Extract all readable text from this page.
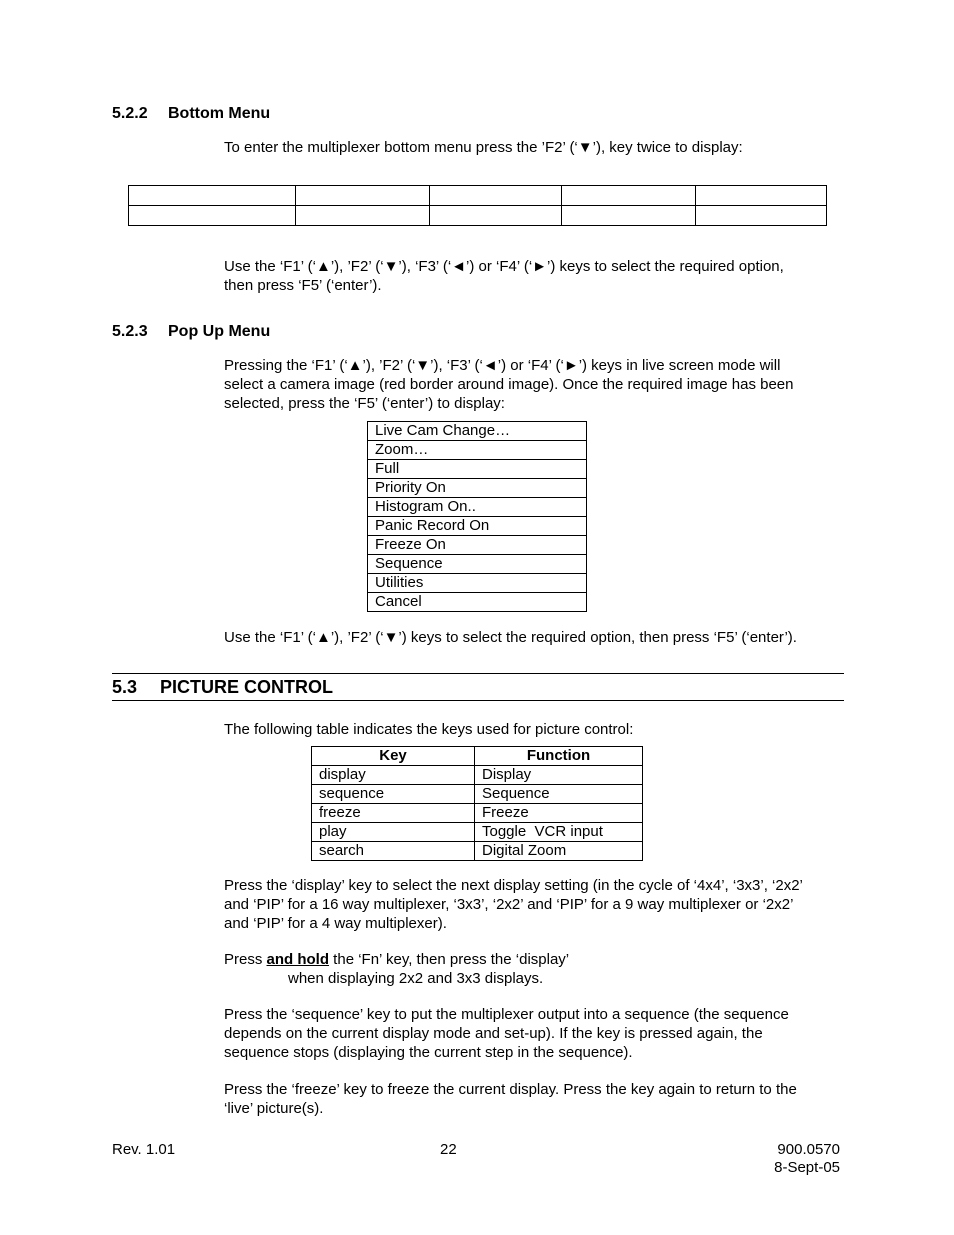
5.2.2 Bottom Menu
To enter the multiplexer bottom menu press the ’F2’ (‘▼’), key twice to display:

Use the ‘F1’ (‘▲’), ’F2’ (‘▼’), ‘F3’ (‘◄’) or ‘F4’ (‘►’) keys to select the required option,
then press ‘F5’ (‘enter’).
5.2.3 Pop Up Menu
Pressing the ‘F1’ (‘▲’), ’F2’ (‘▼’), ‘F3’ (‘◄’) or ‘F4’ (‘►’) keys in live screen mode will
select a camera image (red border around image). Once the required image has been
selected, press the ‘F5’ (‘enter’) to display:
Live Cam Change…
Zoom…
Full
Priority On
Histogram On..
Panic Record On
Freeze On
Sequence
Utilities
Cancel
Use the ‘F1’ (‘▲’), ’F2’ (‘▼’) keys to select the required option, then press ‘F5’ (‘enter’).
5.3 PICTURE CONTROL
The following table indicates the keys used for picture control:
Key	Function
display	Display
sequence	Sequence
freeze	Freeze
play	Toggle  VCR input
search	Digital Zoom
Press the ‘display’ key to select the next display setting (in the cycle of ‘4x4’, ‘3x3’, ‘2x2’
and ‘PIP’ for a 16 way multiplexer, ‘3x3’, ‘2x2’ and ‘PIP’ for a 9 way multiplexer or ‘2x2’
and ‘PIP’ for a 4 way multiplexer).
Press and hold the ‘Fn’ key, then press the ‘display’
when displaying 2x2 and 3x3 displays.
Press the ‘sequence’ key to put the multiplexer output into a sequence (the sequence
depends on the current display mode and set-up). If the key is pressed again, the
sequence stops (displaying the current step in the sequence).
Press the ‘freeze’ key to freeze the current display. Press the key again to return to the
‘live’ picture(s).
Rev. 1.01	22	900.0570
8-Sept-05
